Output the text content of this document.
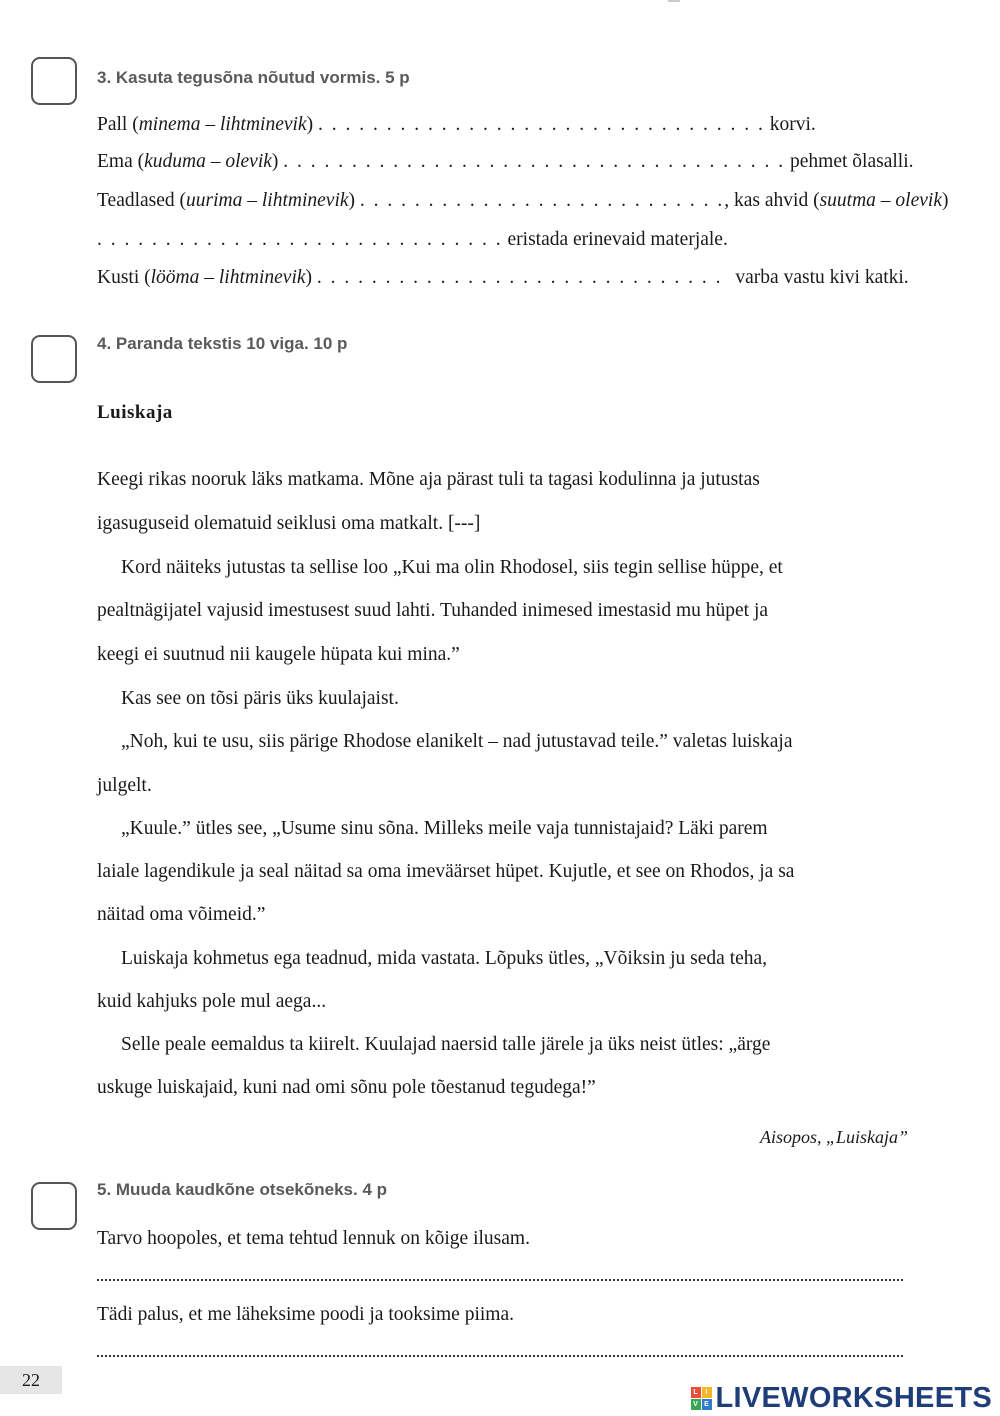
3. Kasuta tegusõna nõutud vormis. 5 p
Pall (minema – lihtminevik) . . . . . . . . . . . . . . . . . . . . . . . . . . . . . . . . . korvi.
Ema (kuduma – olevik) . . . . . . . . . . . . . . . . . . . . . . . . . . . . . . . . . . . . . pehmet õlasalli.
Teadlased (uurima – lihtminevik) . . . . . . . . . . . . . . . . . . . . . . . . . . ., kas ahvid (suutma – olevik)
. . . . . . . . . . . . . . . . . . . . . . . . . . . . . . eristada erinevaid materjale.
Kusti (lööma – lihtminevik) . . . . . . . . . . . . . . . . . . . . . . . . . . . . . . varba vastu kivi katki.
4. Paranda tekstis 10 viga. 10 p
Luiskaja
Keegi rikas nooruk läks matkama. Mõne aja pärast tuli ta tagasi kodulinna ja jutustas
igasuguseid olematuid seiklusi oma matkalt. [---]
Kord näiteks jutustas ta sellise loo „Kui ma olin Rhodosel, siis tegin sellise hüppe, et
pealtnägijatel vajusid imestusest suud lahti. Tuhanded inimesed imestasid mu hüpet ja
keegi ei suutnud nii kaugele hüpata kui mina.”
Kas see on tõsi päris üks kuulajaist.
„Noh, kui te usu, siis pärige Rhodose elanikelt – nad jutustavad teile.” valetas luiskaja
julgelt.
„Kuule.” ütles see, „Usume sinu sõna. Milleks meile vaja tunnistajaid? Läki parem
laiale lagendikule ja seal näitad sa oma imeväärset hüpet. Kujutle, et see on Rhodos, ja sa
näitad oma võimeid.”
Luiskaja kohmetus ega teadnud, mida vastata. Lõpuks ütles, „Võiksin ju seda teha,
kuid kahjuks pole mul aega...
Selle peale eemaldus ta kiirelt. Kuulajad naersid talle järele ja üks neist ütles: „ärge
uskuge luiskajaid, kuni nad omi sõnu pole tõestanud tegudega!”
Aisopos, „Luiskaja”
5. Muuda kaudkõne otsekõneks. 4 p
Tarvo hoopoles, et tema tehtud lennuk on kõige ilusam.
Tädi palus, et me läheksime poodi ja tooksime piima.
22
L	I
V E LIVEWORKSHEETS
